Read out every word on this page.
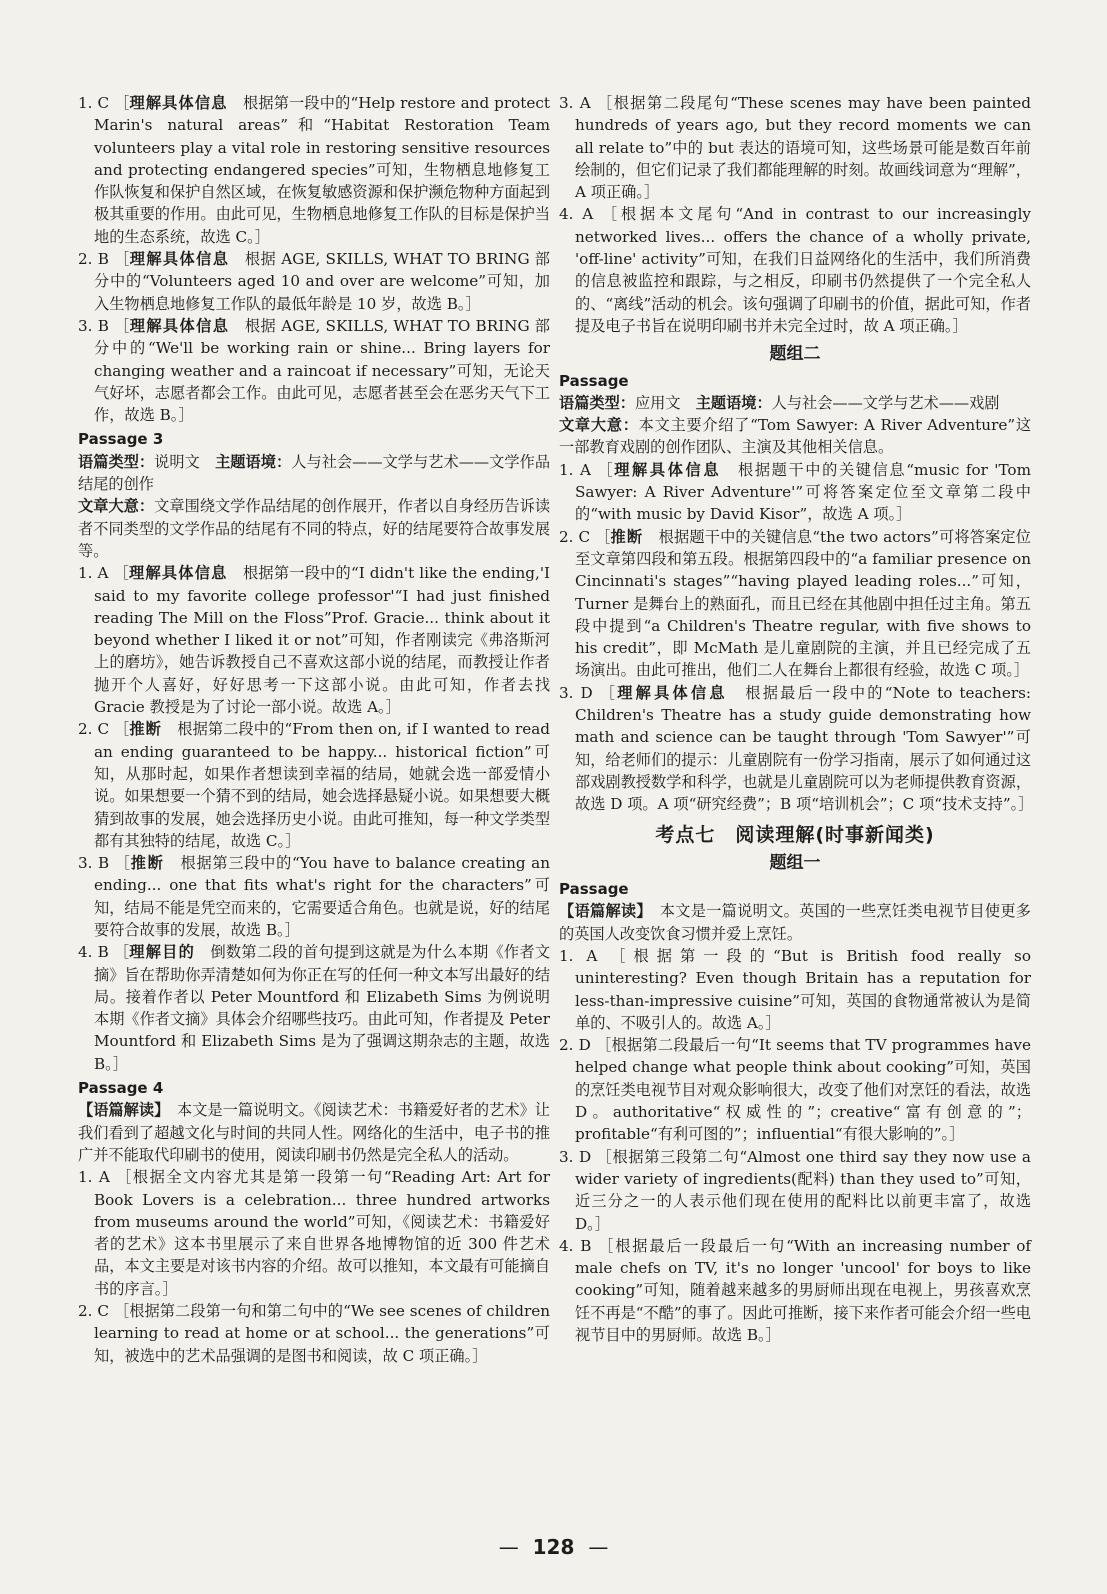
1. C ［理解具体信息　根据第一段中的“Help restore and protect Marin's natural areas”和“Habitat Restoration Team volunteers play a vital role in restoring sensitive resources and protecting endangered species”可知，生物栖息地修复工作队恢复和保护自然区域，在恢复敏感资源和保护濒危物种方面起到极其重要的作用。由此可见，生物栖息地修复工作队的目标是保护当地的生态系统，故选 C。］

2. B ［理解具体信息　根据 AGE, SKILLS, WHAT TO BRING 部分中的“Volunteers aged 10 and over are welcome”可知，加入生物栖息地修复工作队的最低年龄是 10 岁，故选 B。］

3. B ［理解具体信息　根据 AGE, SKILLS, WHAT TO BRING 部分中的“We'll be working rain or shine... Bring layers for changing weather and a raincoat if necessary”可知，无论天气好坏，志愿者都会工作。由此可见，志愿者甚至会在恶劣天气下工作，故选 B。］

Passage 3

语篇类型：说明文　主题语境：人与社会——文学与艺术——文学作品结尾的创作

文章大意：文章围绕文学作品结尾的创作展开，作者以自身经历告诉读者不同类型的文学作品的结尾有不同的特点，好的结尾要符合故事发展等。

1. A ［理解具体信息　根据第一段中的“I didn't like the ending,'I said to my favorite college professor'“I had just finished reading The Mill on the Floss”Prof. Gracie... think about it beyond whether I liked it or not”可知，作者刚读完《弗洛斯河上的磨坊》，她告诉教授自己不喜欢这部小说的结尾，而教授让作者抛开个人喜好，好好思考一下这部小说。由此可知，作者去找 Gracie 教授是为了讨论一部小说。故选 A。］

2. C ［推断　根据第二段中的“From then on, if I wanted to read an ending guaranteed to be happy... historical fiction”可知，从那时起，如果作者想读到幸福的结局，她就会选一部爱情小说。如果想要一个猜不到的结局，她会选择悬疑小说。如果想要大概猜到故事的发展，她会选择历史小说。由此可推知，每一种文学类型都有其独特的结尾，故选 C。］

3. B ［推断　根据第三段中的“You have to balance creating an ending... one that fits what's right for the characters”可知，结局不能是凭空而来的，它需要适合角色。也就是说，好的结尾要符合故事的发展，故选 B。］

4. B ［理解目的　倒数第二段的首句提到这就是为什么本期《作者文摘》旨在帮助你弄清楚如何为你正在写的任何一种文本写出最好的结局。接着作者以 Peter Mountford 和 Elizabeth Sims 为例说明本期《作者文摘》具体会介绍哪些技巧。由此可知，作者提及 Peter Mountford 和 Elizabeth Sims 是为了强调这期杂志的主题，故选 B。］

Passage 4

【语篇解读】　本文是一篇说明文。《阅读艺术：书籍爱好者的艺术》让我们看到了超越文化与时间的共同人性。网络化的生活中，电子书的推广并不能取代印刷书的使用，阅读印刷书仍然是完全私人的活动。

1. A ［根据全文内容尤其是第一段第一句“Reading Art: Art for Book Lovers is a celebration... three hundred artworks from museums around the world”可知，《阅读艺术：书籍爱好者的艺术》这本书里展示了来自世界各地博物馆的近 300 件艺术品，本文主要是对该书内容的介绍。故可以推知，本文最有可能摘自书的序言。］

2. C ［根据第二段第一句和第二句中的“We see scenes of children learning to read at home or at school... the generations”可知，被选中的艺术品强调的是图书和阅读，故 C 项正确。］

3. A ［根据第二段尾句“These scenes may have been painted hundreds of years ago, but they record moments we can all relate to”中的 but 表达的语境可知，这些场景可能是数百年前绘制的，但它们记录了我们都能理解的时刻。故画线词意为“理解”，A 项正确。］

4. A ［根据本文尾句“And in contrast to our increasingly networked lives... offers the chance of a wholly private, 'off-line' activity”可知，在我们日益网络化的生活中，我们所消费的信息被监控和跟踪，与之相反，印刷书仍然提供了一个完全私人的、“离线”活动的机会。该句强调了印刷书的价值，据此可知，作者提及电子书旨在说明印刷书并未完全过时，故 A 项正确。］

题组二

Passage

语篇类型：应用文　主题语境：人与社会——文学与艺术——戏剧

文章大意：本文主要介绍了“Tom Sawyer: A River Adventure”这一部教育戏剧的创作团队、主演及其他相关信息。

1. A ［理解具体信息　根据题干中的关键信息“music for 'Tom Sawyer: A River Adventure'”可将答案定位至文章第二段中的“with music by David Kisor”，故选 A 项。］

2. C ［推断　根据题干中的关键信息“the two actors”可将答案定位至文章第四段和第五段。根据第四段中的“a familiar presence on Cincinnati's stages”“having played leading roles...”可知，Turner 是舞台上的熟面孔，而且已经在其他剧中担任过主角。第五段中提到“a Children's Theatre regular, with five shows to his credit”，即 McMath 是儿童剧院的主演，并且已经完成了五场演出。由此可推出，他们二人在舞台上都很有经验，故选 C 项。］

3. D ［理解具体信息　根据最后一段中的“Note to teachers: Children's Theatre has a study guide demonstrating how math and science can be taught through 'Tom Sawyer'”可知，给老师们的提示：儿童剧院有一份学习指南，展示了如何通过这部戏剧教授数学和科学，也就是儿童剧院可以为老师提供教育资源，故选 D 项。A 项“研究经费”；B 项“培训机会”；C 项“技术支持”。］

考点七　阅读理解(时事新闻类)

题组一

Passage

【语篇解读】　本文是一篇说明文。英国的一些烹饪类电视节目使更多的英国人改变饮食习惯并爱上烹饪。

1. A ［根据第一段的“But is British food really so uninteresting? Even though Britain has a reputation for less-than-impressive cuisine”可知，英国的食物通常被认为是简单的、不吸引人的。故选 A。］

2. D ［根据第二段最后一句“It seems that TV programmes have helped change what people think about cooking”可知，英国的烹饪类电视节目对观众影响很大，改变了他们对烹饪的看法，故选 D。authoritative“权威性的”；creative“富有创意的”；profitable“有利可图的”；influential“有很大影响的”。］

3. D ［根据第三段第二句“Almost one third say they now use a wider variety of ingredients(配料) than they used to”可知，近三分之一的人表示他们现在使用的配料比以前更丰富了，故选 D。］

4. B ［根据最后一段最后一句“With an increasing number of male chefs on TV, it's no longer 'uncool' for boys to like cooking”可知，随着越来越多的男厨师出现在电视上，男孩喜欢烹饪不再是“不酷”的事了。因此可推断，接下来作者可能会介绍一些电视节目中的男厨师。故选 B。］

— 128 —
